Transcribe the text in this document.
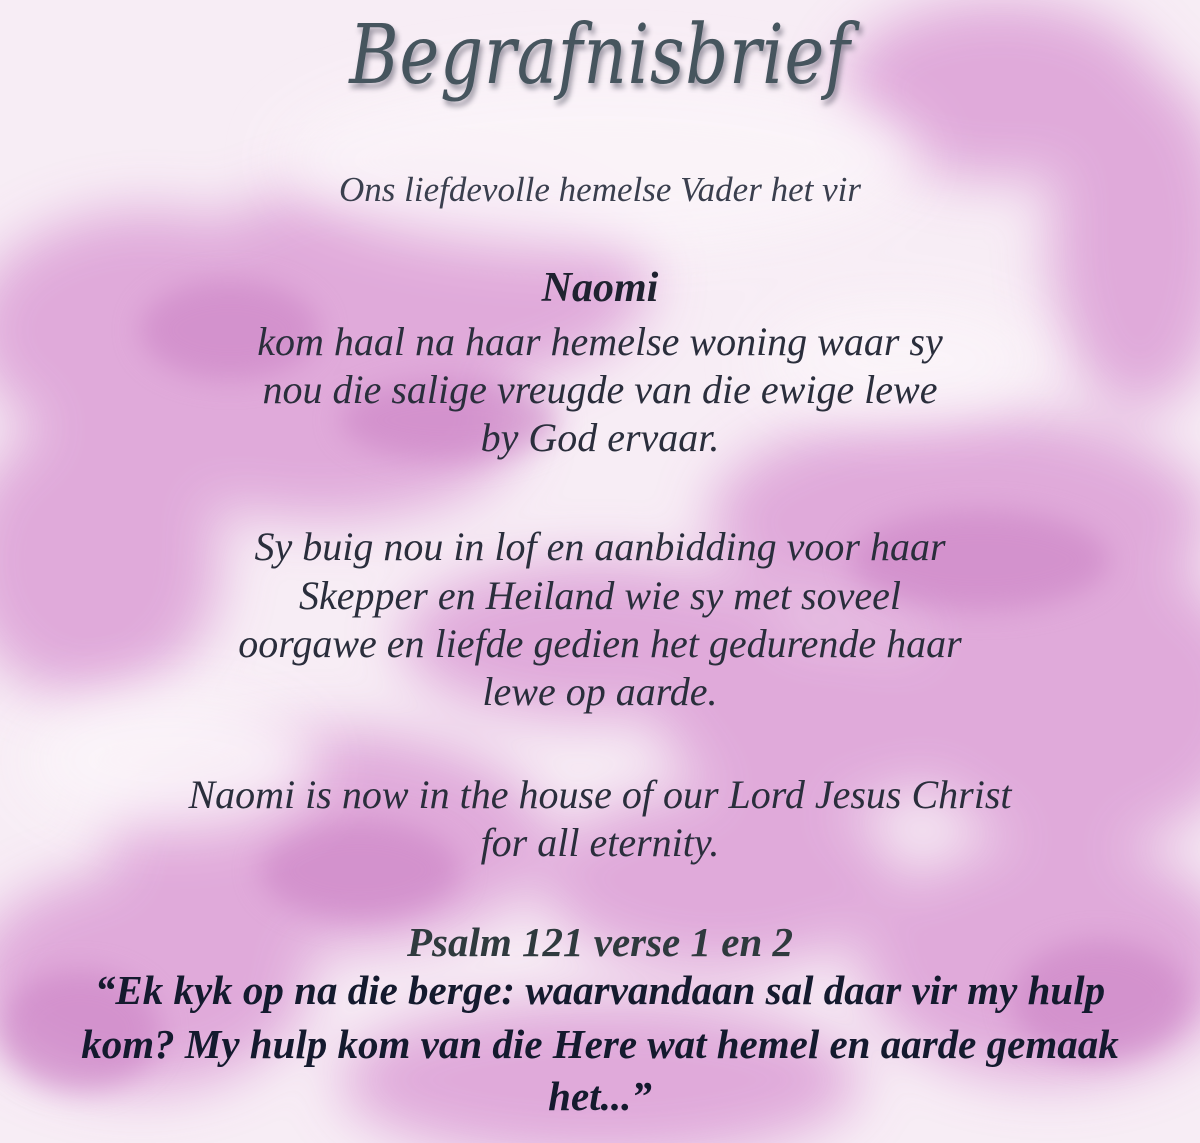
Begrafnisbrief
Ons liefdevolle hemelse Vader het vir
Naomi
kom haal na haar hemelse woning waar sy
nou die salige vreugde van die ewige lewe
by God ervaar.
Sy buig nou in lof en aanbidding voor haar
Skepper en Heiland wie sy met soveel
oorgawe en liefde gedien het gedurende haar
lewe op aarde.
Naomi is now in the house of our Lord Jesus Christ
for all eternity.
Psalm 121 verse 1 en 2
“Ek kyk op na die berge: waarvandaan sal daar vir my hulp
kom? My hulp kom van die Here wat hemel en aarde gemaak
het...”
